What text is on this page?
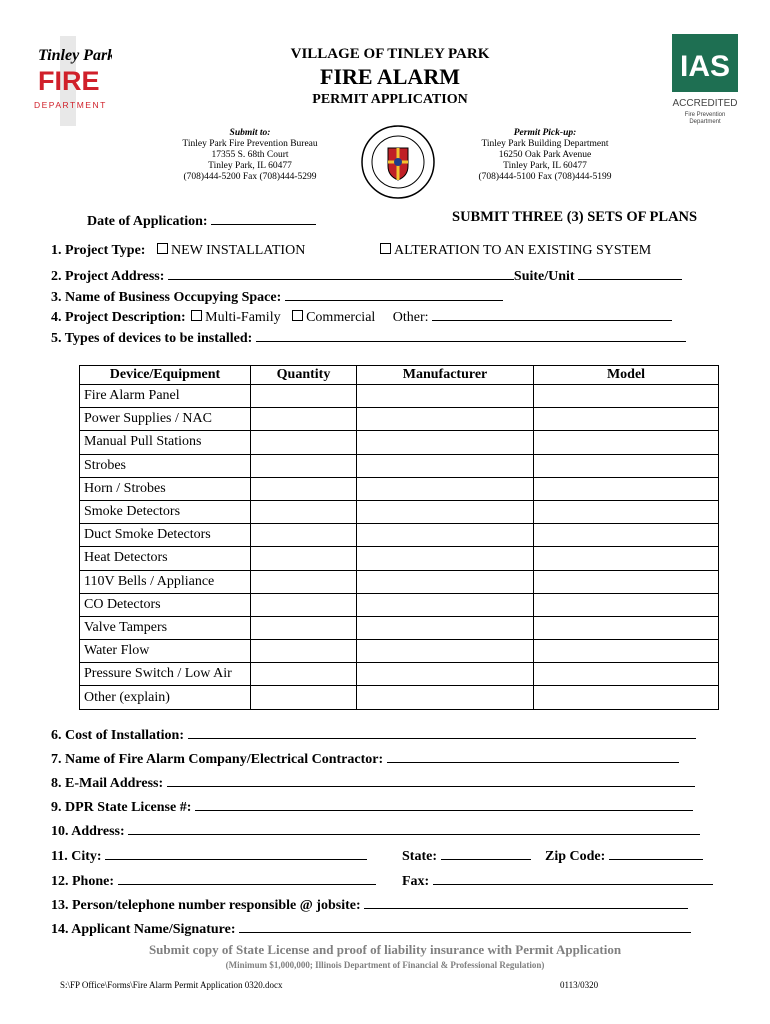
Tinley Park
FIRE
DEPARTMENT
IAS
ACCREDITED
Fire Prevention
Department
VILLAGE OF TINLEY PARK
FIRE ALARM
PERMIT APPLICATION
Submit to:
Tinley Park Fire Prevention Bureau
17355 S. 68th Court
Tinley Park, IL 60477
(708)444-5200 Fax (708)444-5299
Permit Pick-up:
Tinley Park Building Department
16250 Oak Park Avenue
Tinley Park, IL 60477
(708)444-5100 Fax (708)444-5199
Date of Application:	SUBMIT THREE (3) SETS OF PLANS
1. Project Type: NEW INSTALLATION	ALTERATION TO AN EXISTING SYSTEM
2. Project Address:	Suite/Unit
3. Name of Business Occupying Space:
4. Project Description: Multi-Family Commercial Other:
5. Types of devices to be installed:
Device/Equipment	Quantity	Manufacturer	Model
Fire Alarm Panel			
Power Supplies / NAC			
Manual Pull Stations			
Strobes			
Horn / Strobes			
Smoke Detectors			
Duct Smoke Detectors			
Heat Detectors			
110V Bells / Appliance			
CO Detectors			
Valve Tampers			
Water Flow			
Pressure Switch / Low Air			
Other (explain)			
6. Cost of Installation:
7. Name of Fire Alarm Company/Electrical Contractor:
8. E-Mail Address:
9. DPR State License #:
10. Address:
11. City:	State:	Zip Code:
12. Phone:	Fax:
13. Person/telephone number responsible @ jobsite:
14. Applicant Name/Signature:
Submit copy of State License and proof of liability insurance with Permit Application
(Minimum $1,000,000; Illinois Department of Financial & Professional Regulation)
S:\FP Office\Forms\Fire Alarm Permit Application 0320.docx	0113/0320
